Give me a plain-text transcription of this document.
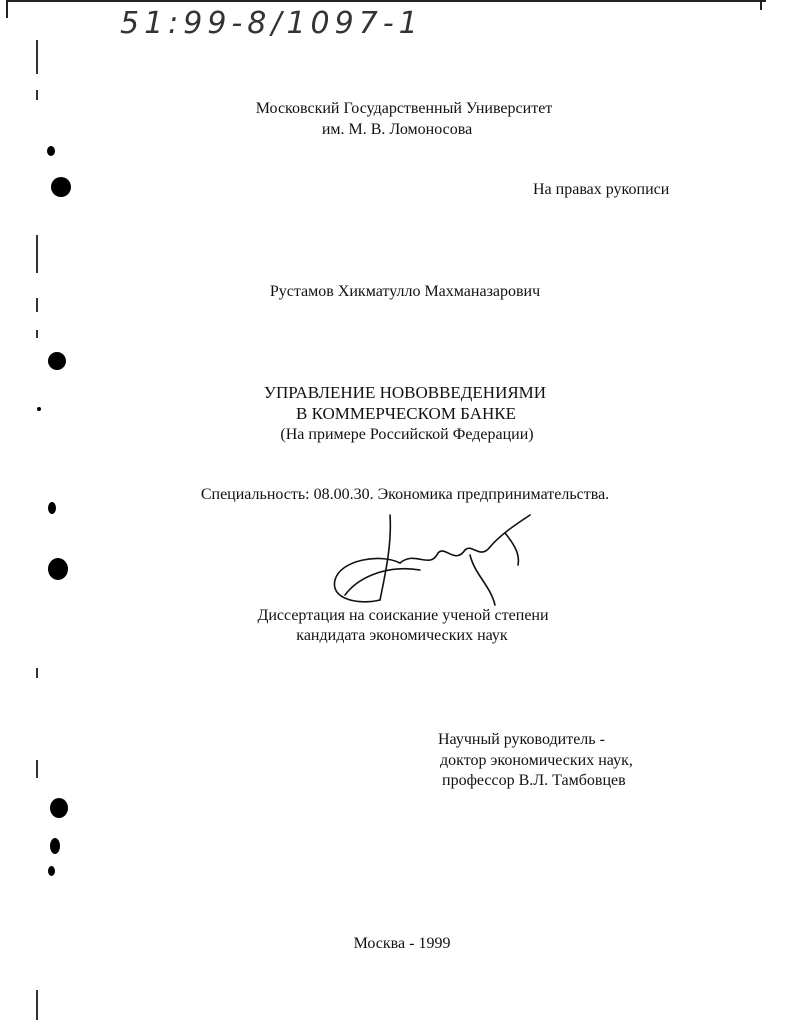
51:99-8/1097-1
Московский Государственный Университет
им. М. В. Ломоносова
На правах рукописи
Рустамов Хикматулло Махманазарович
УПРАВЛЕНИЕ НОВОВВЕДЕНИЯМИ
В КОММЕРЧЕСКОМ БАНКЕ
(На примере Российской Федерации)
Специальность: 08.00.30. Экономика предпринимательства.
Диссертация на соискание ученой степени
кандидата экономических наук
Научный руководитель -
доктор экономических наук,
профессор В.Л. Тамбовцев
Москва - 1999
